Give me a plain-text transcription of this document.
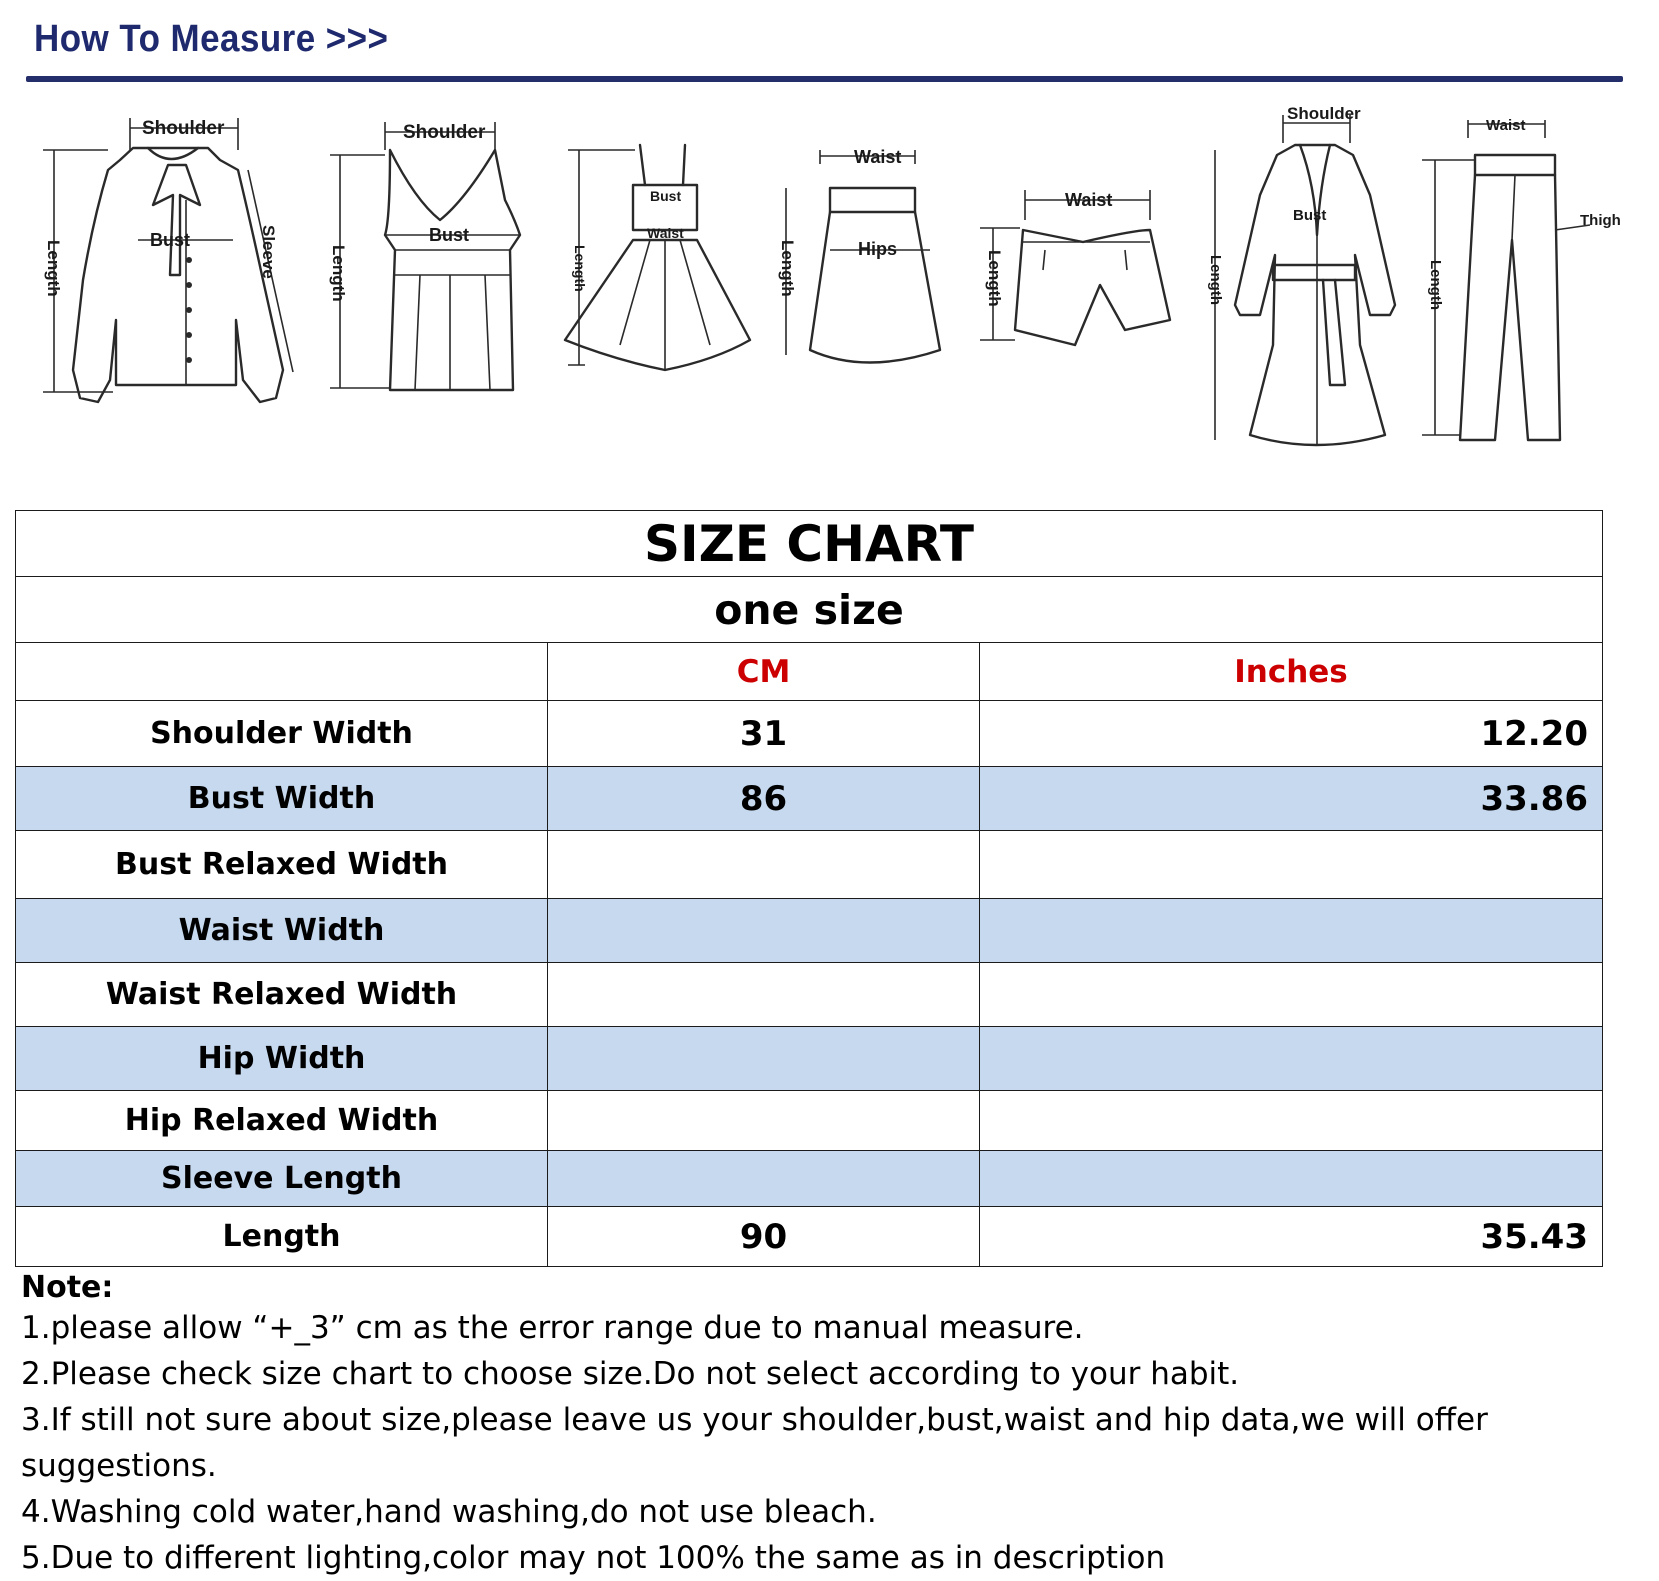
How To Measure >>>
Shoulder
Bust	Sleeve
Length
Shoulder
Bust
Length
Bust
Waist
Length
Waist
Hips
Length
Waist
Length
Shoulder
Bust
Length
Waist
Thigh
Length
SIZE CHART		
one size		
	CM	Inches
Shoulder Width	31	12.20
Bust Width	86	33.86
Bust Relaxed Width		
Waist Width		
Waist Relaxed Width		
Hip Width		
Hip Relaxed Width		
Sleeve Length		
Length	90	35.43
Note:
1.please allow “+_3” cm as the error range due to manual measure.
2.Please check size chart to choose size.Do not select according to your habit.
3.If still not sure about size,please leave us your shoulder,bust,waist and hip data,we will offer suggestions.
4.Washing cold water,hand washing,do not use bleach.
5.Due to different lighting,color may not 100% the same as in description
